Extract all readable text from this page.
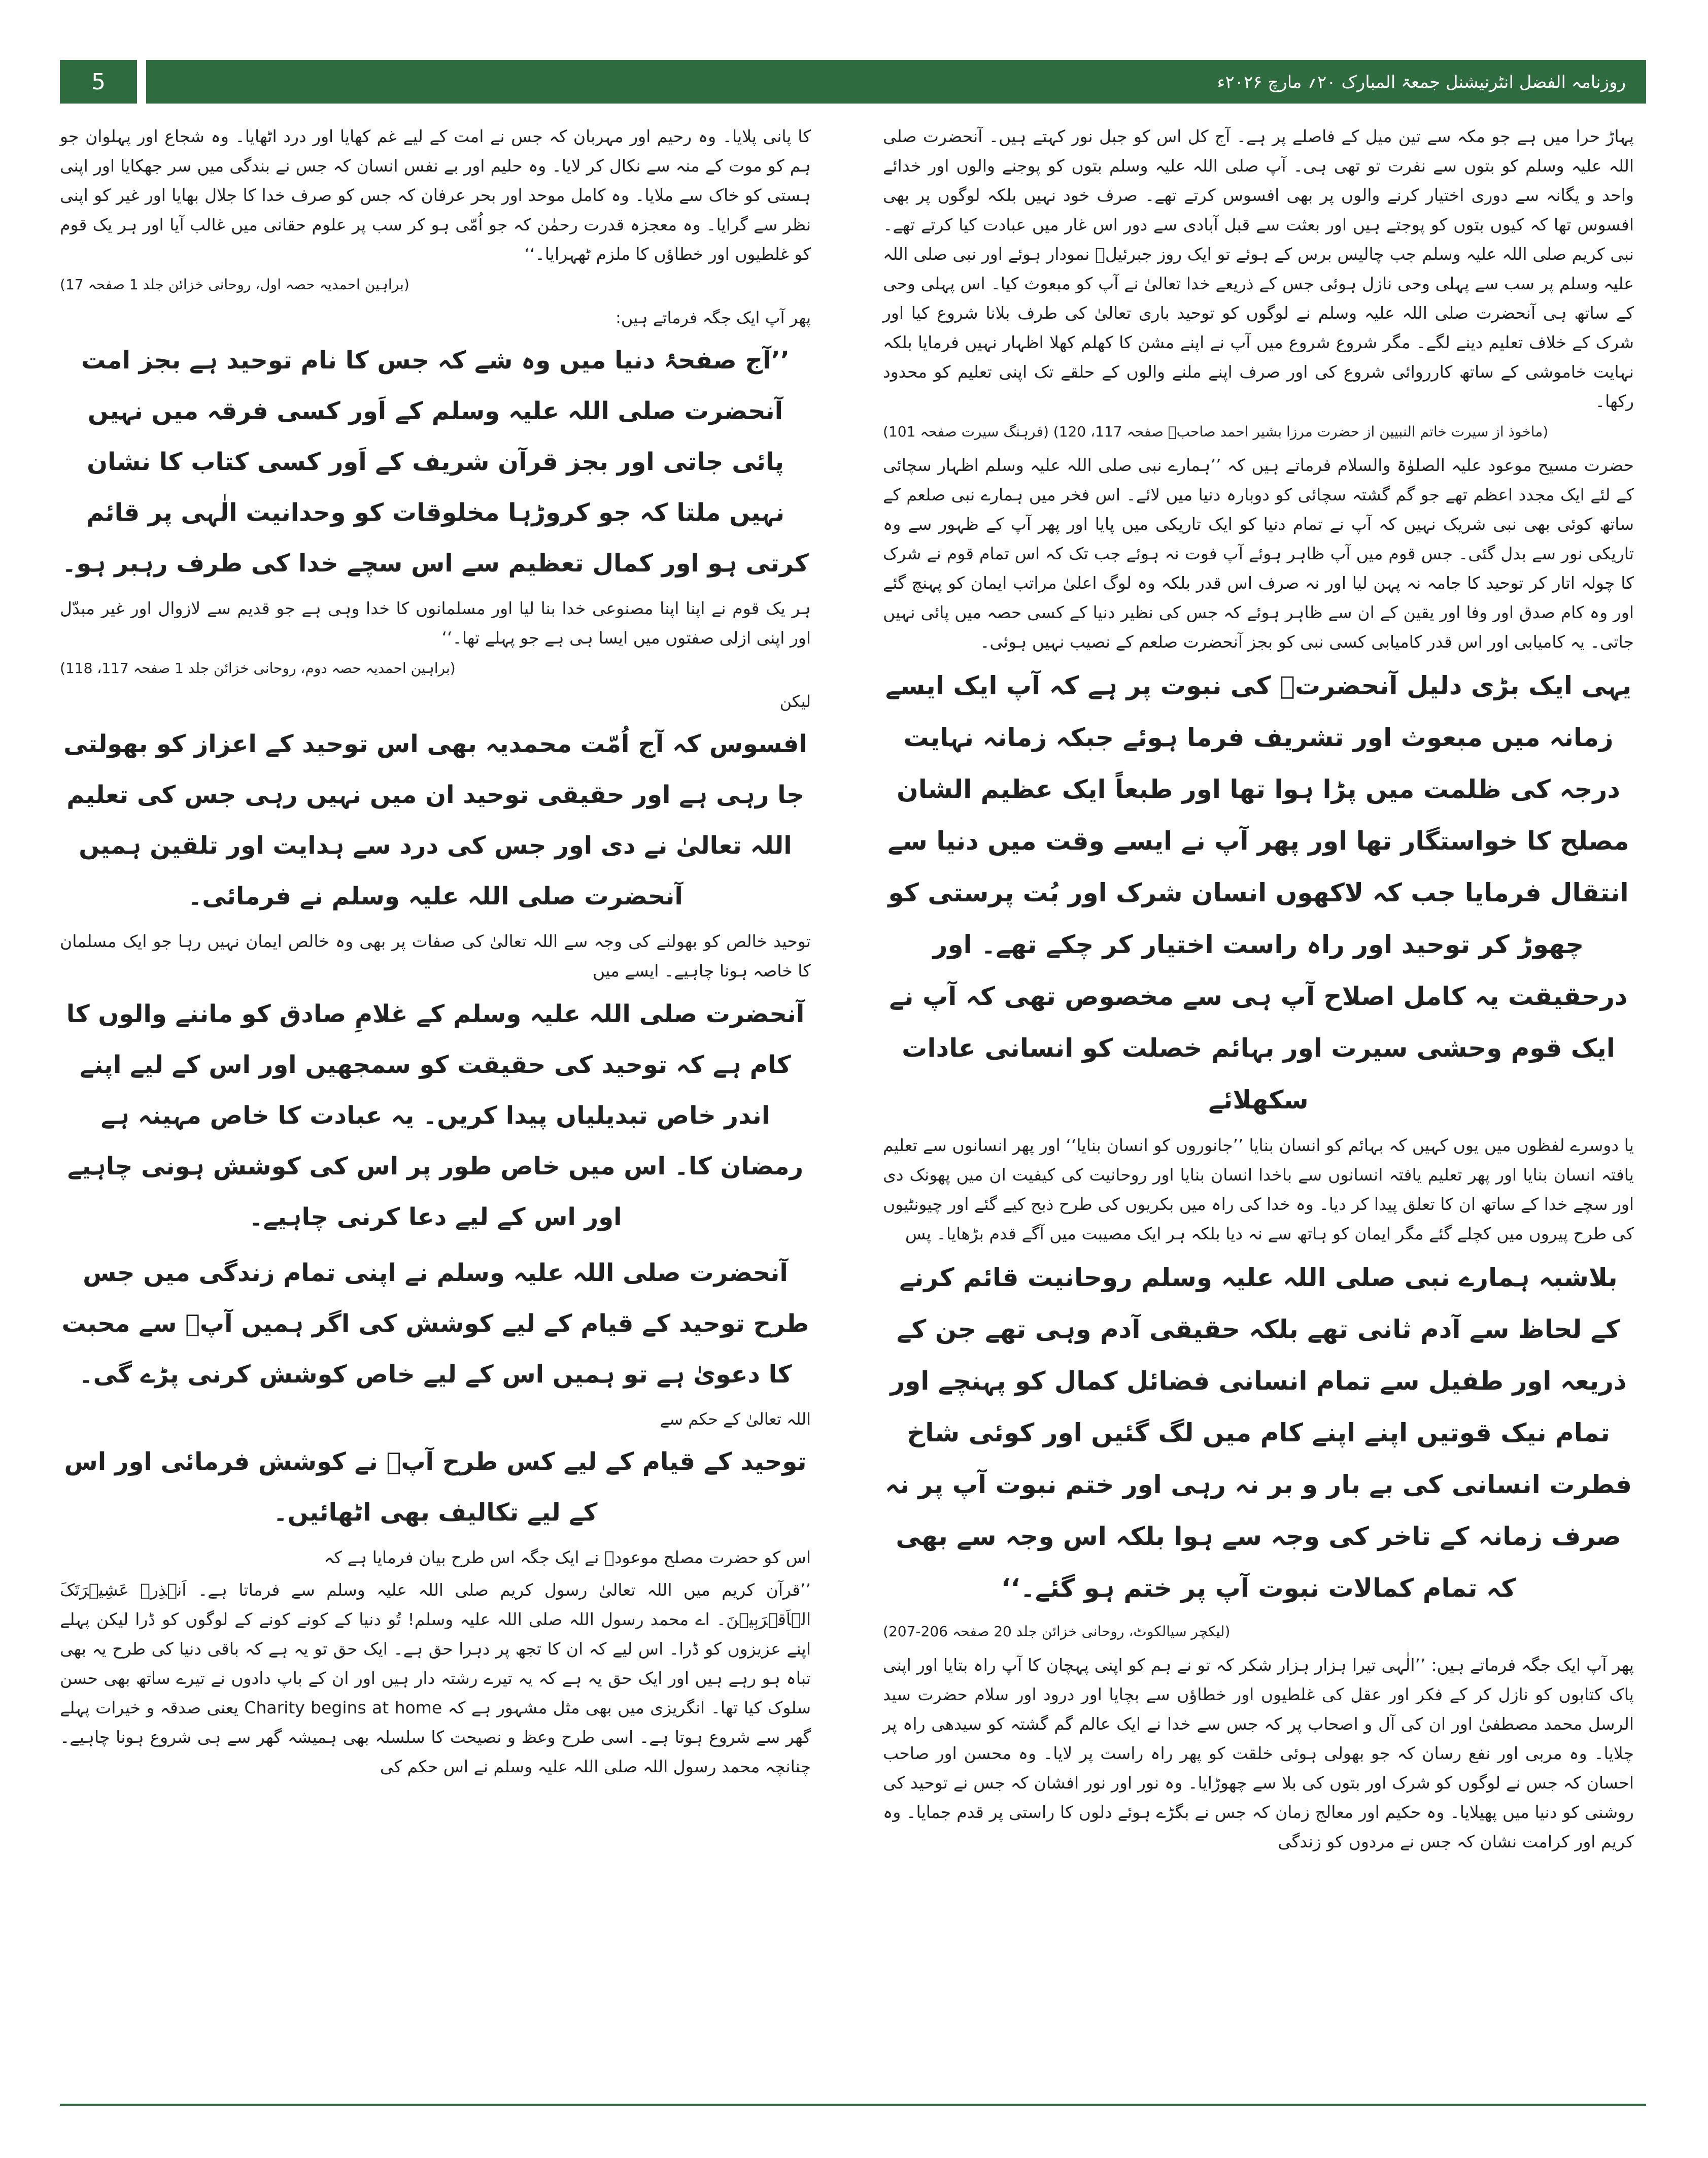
5	روزنامہ الفضل انٹرنیشنل جمعۃ المبارک ۲۰؍ مارچ ۲۰۲۶ء

پہاڑ حرا میں ہے جو مکہ سے تین میل کے فاصلے پر ہے۔ آج کل اس کو جبل نور کہتے ہیں۔ آنحضرت صلی اللہ علیہ وسلم کو بتوں سے نفرت تو تھی ہی۔ آپ صلی اللہ علیہ وسلم بتوں کو پوجنے والوں اور خدائے واحد و یگانہ سے دوری اختیار کرنے والوں پر بھی افسوس کرتے تھے۔ صرف خود نہیں بلکہ لوگوں پر بھی افسوس تھا کہ کیوں بتوں کو پوجتے ہیں اور بعثت سے قبل آبادی سے دور اس غار میں عبادت کیا کرتے تھے۔ نبی کریم صلی اللہ علیہ وسلم جب چالیس برس کے ہوئے تو ایک روز جبرئیلؑ نمودار ہوئے اور نبی صلی اللہ علیہ وسلم پر سب سے پہلی وحی نازل ہوئی جس کے ذریعے خدا تعالیٰ نے آپ کو مبعوث کیا۔ اس پہلی وحی کے ساتھ ہی آنحضرت صلی اللہ علیہ وسلم نے لوگوں کو توحید باری تعالیٰ کی طرف بلانا شروع کیا اور شرک کے خلاف تعلیم دینے لگے۔ مگر شروع شروع میں آپ نے اپنے مشن کا کھلم کھلا اظہار نہیں فرمایا بلکہ نہایت خاموشی کے ساتھ کارروائی شروع کی اور صرف اپنے ملنے والوں کے حلقے تک اپنی تعلیم کو محدود رکھا۔

(ماخوذ از سیرت خاتم النبیین از حضرت مرزا بشیر احمد صاحبؓ صفحہ 117، 120) (فرہنگ سیرت صفحہ 101)

حضرت مسیح موعود علیہ الصلوٰۃ والسلام فرماتے ہیں کہ ’’ہمارے نبی صلی اللہ علیہ وسلم اظہار سچائی کے لئے ایک مجدد اعظم تھے جو گم گشتہ سچائی کو دوبارہ دنیا میں لائے۔ اس فخر میں ہمارے نبی صلعم کے ساتھ کوئی بھی نبی شریک نہیں کہ آپ نے تمام دنیا کو ایک تاریکی میں پایا اور پھر آپ کے ظہور سے وہ تاریکی نور سے بدل گئی۔ جس قوم میں آپ ظاہر ہوئے آپ فوت نہ ہوئے جب تک کہ اس تمام قوم نے شرک کا چولہ اتار کر توحید کا جامہ نہ پہن لیا اور نہ صرف اس قدر بلکہ وہ لوگ اعلیٰ مراتب ایمان کو پہنچ گئے اور وہ کام صدق اور وفا اور یقین کے ان سے ظاہر ہوئے کہ جس کی نظیر دنیا کے کسی حصہ میں پائی نہیں جاتی۔ یہ کامیابی اور اس قدر کامیابی کسی نبی کو بجز آنحضرت صلعم کے نصیب نہیں ہوئی۔

یہی ایک بڑی دلیل آنحضرتؐ کی نبوت پر ہے کہ آپ ایک ایسے زمانہ میں مبعوث اور تشریف فرما ہوئے جبکہ زمانہ نہایت درجہ کی ظلمت میں پڑا ہوا تھا اور طبعاً ایک عظیم الشان مصلح کا خواستگار تھا اور پھر آپ نے ایسے وقت میں دنیا سے انتقال فرمایا جب کہ لاکھوں انسان شرک اور بُت پرستی کو چھوڑ کر توحید اور راہ راست اختیار کر چکے تھے۔ اور درحقیقت یہ کامل اصلاح آپ ہی سے مخصوص تھی کہ آپ نے ایک قوم وحشی سیرت اور بہائم خصلت کو انسانی عادات سکھلائے

یا دوسرے لفظوں میں یوں کہیں کہ بہائم کو انسان بنایا ’’جانوروں کو انسان بنایا‘‘ اور پھر انسانوں سے تعلیم یافتہ انسان بنایا اور پھر تعلیم یافتہ انسانوں سے باخدا انسان بنایا اور روحانیت کی کیفیت ان میں پھونک دی اور سچے خدا کے ساتھ ان کا تعلق پیدا کر دیا۔ وہ خدا کی راہ میں بکریوں کی طرح ذبح کیے گئے اور چیونٹیوں کی طرح پیروں میں کچلے گئے مگر ایمان کو ہاتھ سے نہ دیا بلکہ ہر ایک مصیبت میں آگے قدم بڑھایا۔ پس

بلاشبہ ہمارے نبی صلی اللہ علیہ وسلم روحانیت قائم کرنے کے لحاظ سے آدم ثانی تھے بلکہ حقیقی آدم وہی تھے جن کے ذریعہ اور طفیل سے تمام انسانی فضائل کمال کو پہنچے اور تمام نیک قوتیں اپنے اپنے کام میں لگ گئیں اور کوئی شاخ فطرت انسانی کی بے بار و بر نہ رہی اور ختم نبوت آپ پر نہ صرف زمانہ کے تاخر کی وجہ سے ہوا بلکہ اس وجہ سے بھی کہ تمام کمالات نبوت آپ پر ختم ہو گئے۔‘‘

(لیکچر سیالکوٹ، روحانی خزائن جلد 20 صفحہ 206-207)

پھر آپ ایک جگہ فرماتے ہیں: ’’الٰہی تیرا ہزار ہزار شکر کہ تو نے ہم کو اپنی پہچان کا آپ راہ بتایا اور اپنی پاک کتابوں کو نازل کر کے فکر اور عقل کی غلطیوں اور خطاؤں سے بچایا اور درود اور سلام حضرت سید الرسل محمد مصطفیٰ اور ان کی آل و اصحاب پر کہ جس سے خدا نے ایک عالم گم گشتہ کو سیدھی راہ پر چلایا۔ وہ مربی اور نفع رسان کہ جو بھولی ہوئی خلقت کو پھر راہ راست پر لایا۔ وہ محسن اور صاحب احسان کہ جس نے لوگوں کو شرک اور بتوں کی بلا سے چھوڑایا۔ وہ نور اور نور افشان کہ جس نے توحید کی روشنی کو دنیا میں پھیلایا۔ وہ حکیم اور معالج زمان کہ جس نے بگڑے ہوئے دلوں کا راستی پر قدم جمایا۔ وہ کریم اور کرامت نشان کہ جس نے مردوں کو زندگی

کا پانی پلایا۔ وہ رحیم اور مہربان کہ جس نے امت کے لیے غم کھایا اور درد اٹھایا۔ وہ شجاع اور پہلوان جو ہم کو موت کے منہ سے نکال کر لایا۔ وہ حلیم اور بے نفس انسان کہ جس نے بندگی میں سر جھکایا اور اپنی ہستی کو خاک سے ملایا۔ وہ کامل موحد اور بحر عرفان کہ جس کو صرف خدا کا جلال بھایا اور غیر کو اپنی نظر سے گرایا۔ وہ معجزہ قدرت رحمٰن کہ جو اُمّی ہو کر سب پر علوم حقانی میں غالب آیا اور ہر یک قوم کو غلطیوں اور خطاؤں کا ملزم ٹھہرایا۔‘‘

(براہین احمدیہ حصہ اول، روحانی خزائن جلد 1 صفحہ 17)

پھر آپ ایک جگہ فرماتے ہیں:

’’آج صفحۂ دنیا میں وہ شے کہ جس کا نام توحید ہے بجز امت آنحضرت صلی اللہ علیہ وسلم کے اَور کسی فرقہ میں نہیں پائی جاتی اور بجز قرآن شریف کے اَور کسی کتاب کا نشان نہیں ملتا کہ جو کروڑہا مخلوقات کو وحدانیت الٰہی پر قائم کرتی ہو اور کمال تعظیم سے اس سچے خدا کی طرف رہبر ہو۔

ہر یک قوم نے اپنا اپنا مصنوعی خدا بنا لیا اور مسلمانوں کا خدا وہی ہے جو قدیم سے لازوال اور غیر مبدّل اور اپنی ازلی صفتوں میں ایسا ہی ہے جو پہلے تھا۔‘‘

(براہین احمدیہ حصہ دوم، روحانی خزائن جلد 1 صفحہ 117، 118)

لیکن

افسوس کہ آج اُمّت محمدیہ بھی اس توحید کے اعزاز کو بھولتی جا رہی ہے اور حقیقی توحید ان میں نہیں رہی جس کی تعلیم اللہ تعالیٰ نے دی اور جس کی درد سے ہدایت اور تلقین ہمیں آنحضرت صلی اللہ علیہ وسلم نے فرمائی۔

توحید خالص کو بھولنے کی وجہ سے اللہ تعالیٰ کی صفات پر بھی وہ خالص ایمان نہیں رہا جو ایک مسلمان کا خاصہ ہونا چاہیے۔ ایسے میں

آنحضرت صلی اللہ علیہ وسلم کے غلامِ صادق کو ماننے والوں کا کام ہے کہ توحید کی حقیقت کو سمجھیں اور اس کے لیے اپنے اندر خاص تبدیلیاں پیدا کریں۔ یہ عبادت کا خاص مہینہ ہے رمضان کا۔ اس میں خاص طور پر اس کی کوشش ہونی چاہیے اور اس کے لیے دعا کرنی چاہیے۔

آنحضرت صلی اللہ علیہ وسلم نے اپنی تمام زندگی میں جس طرح توحید کے قیام کے لیے کوشش کی اگر ہمیں آپؐ سے محبت کا دعویٰ ہے تو ہمیں اس کے لیے خاص کوشش کرنی پڑے گی۔

اللہ تعالیٰ کے حکم سے

توحید کے قیام کے لیے کس طرح آپؐ نے کوشش فرمائی اور اس کے لیے تکالیف بھی اٹھائیں۔

اس کو حضرت مصلح موعودؓ نے ایک جگہ اس طرح بیان فرمایا ہے کہ

’’قرآن کریم میں اللہ تعالیٰ رسول کریم صلی اللہ علیہ وسلم سے فرماتا ہے۔ اَنۡذِرۡ عَشِیۡرَتَکَ الۡاَقۡرَبِیۡنَ۔ اے محمد رسول اللہ صلی اللہ علیہ وسلم! تُو دنیا کے کونے کونے کے لوگوں کو ڈرا لیکن پہلے اپنے عزیزوں کو ڈرا۔ اس لیے کہ ان کا تجھ پر دہرا حق ہے۔ ایک حق تو یہ ہے کہ باقی دنیا کی طرح یہ بھی تباہ ہو رہے ہیں اور ایک حق یہ ہے کہ یہ تیرے رشتہ دار ہیں اور ان کے باپ دادوں نے تیرے ساتھ بھی حسن سلوک کیا تھا۔ انگریزی میں بھی مثل مشہور ہے کہ Charity begins at home یعنی صدقہ و خیرات پہلے گھر سے شروع ہوتا ہے۔ اسی طرح وعظ و نصیحت کا سلسلہ بھی ہمیشہ گھر سے ہی شروع ہونا چاہیے۔ چنانچہ محمد رسول اللہ صلی اللہ علیہ وسلم نے اس حکم کی
